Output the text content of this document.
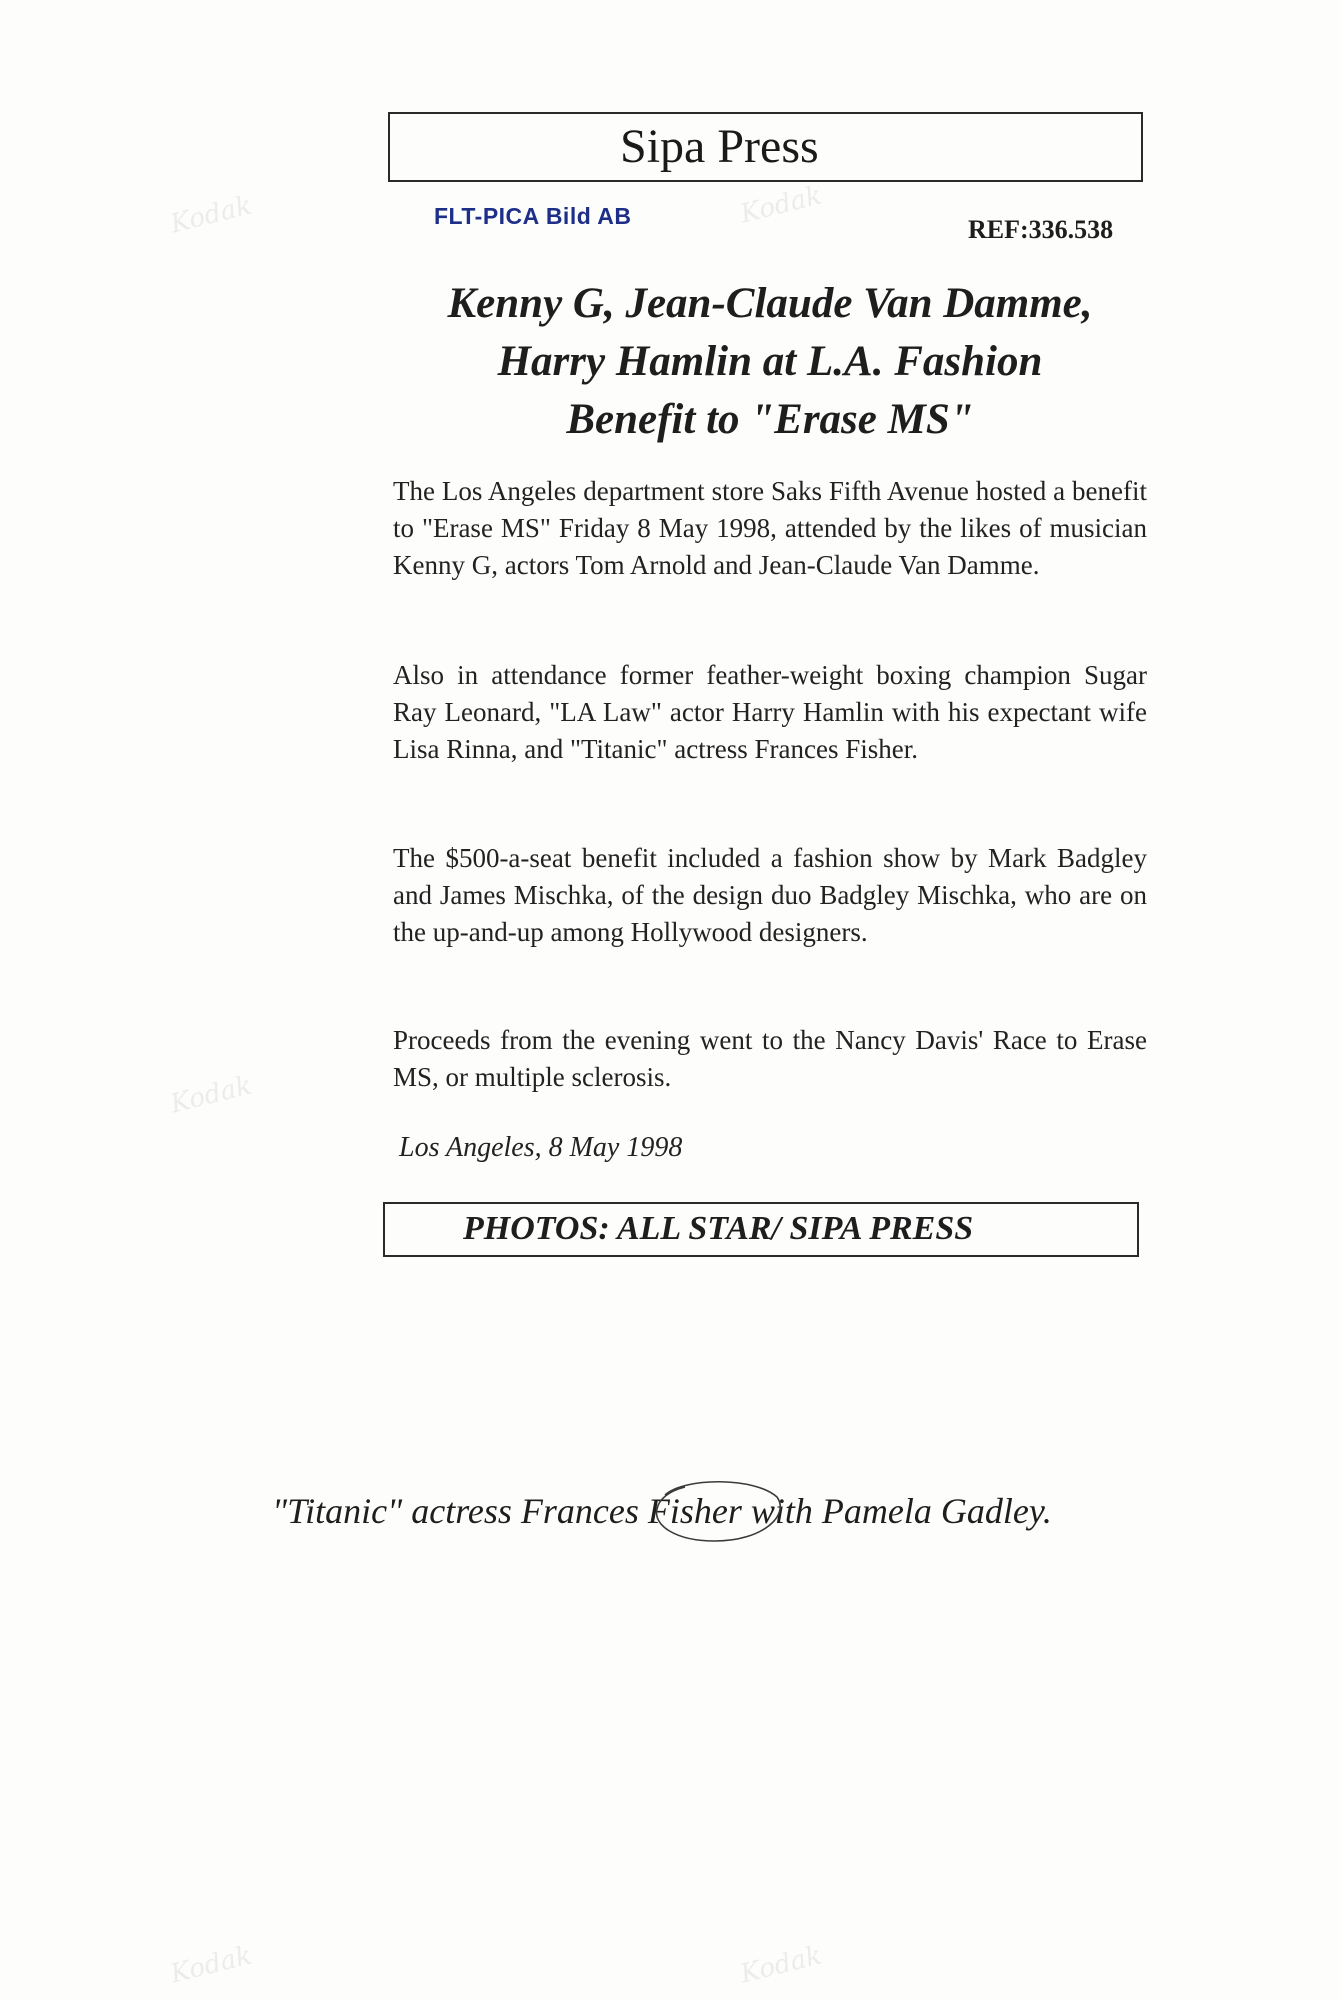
Kodak	Kodak
Kodak
Kodak	Kodak
Sipa Press
FLT-PICA Bild AB	REF:336.538
Kenny G, Jean-Claude Van Damme,
Harry Hamlin at L.A. Fashion
Benefit to "Erase MS"
The Los Angeles department store Saks Fifth Avenue hosted a benefit to "Erase MS" Friday 8 May 1998, attended by the likes of musician Kenny G, actors Tom Arnold and Jean-Claude Van Damme.
Also in attendance former feather-weight boxing champion Sugar Ray Leonard, "LA Law" actor Harry Hamlin with his expectant wife Lisa Rinna, and "Titanic" actress Frances Fisher.
The $500-a-seat benefit included a fashion show by Mark Badgley and James Mischka, of the design duo Badgley Mischka, who are on the up-and-up among Hollywood designers.
Proceeds from the evening went to the Nancy Davis' Race to Erase MS, or multiple sclerosis.
Los Angeles, 8 May 1998
PHOTOS: ALL STAR/ SIPA PRESS
"Titanic" actress Frances Fisher with Pamela Gadley.
